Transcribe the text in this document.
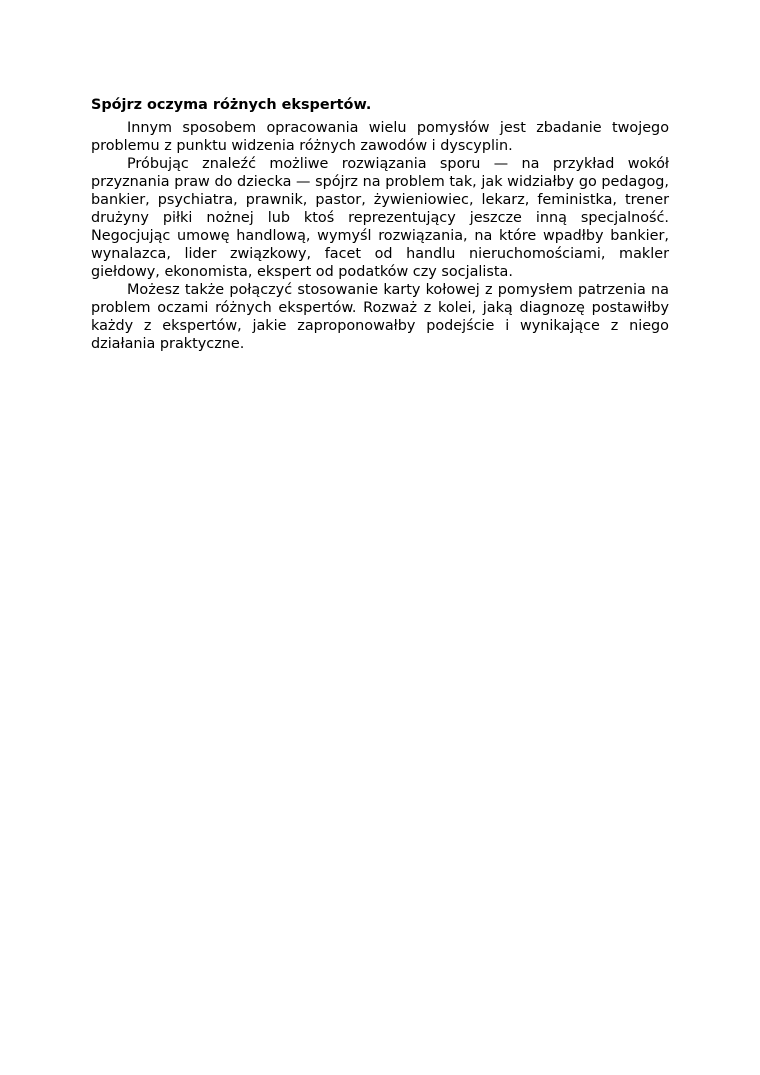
Spójrz oczyma różnych ekspertów.

Innym sposobem opracowania wielu pomysłów jest zbadanie twojego problemu z punktu widzenia różnych zawodów i dyscyplin.

Próbując znaleźć możliwe rozwiązania sporu — na przykład wokół przyznania praw do dziecka — spójrz na problem tak, jak widziałby go pedagog, bankier, psychiatra, prawnik, pastor, żywieniowiec, lekarz, feministka, trener drużyny piłki nożnej lub ktoś reprezentujący jeszcze inną specjalność. Negocjując umowę handlową, wymyśl rozwiązania, na które wpadłby bankier, wynalazca, lider związkowy, facet od handlu nieruchomościami, makler giełdowy, ekonomista, ekspert od podatków czy socjalista.

Możesz także połączyć stosowanie karty kołowej z pomysłem patrzenia na problem oczami różnych ekspertów. Rozważ z kolei, jaką diagnozę postawiłby każdy z ekspertów, jakie zaproponowałby podejście i wynikające z niego działania praktyczne.
